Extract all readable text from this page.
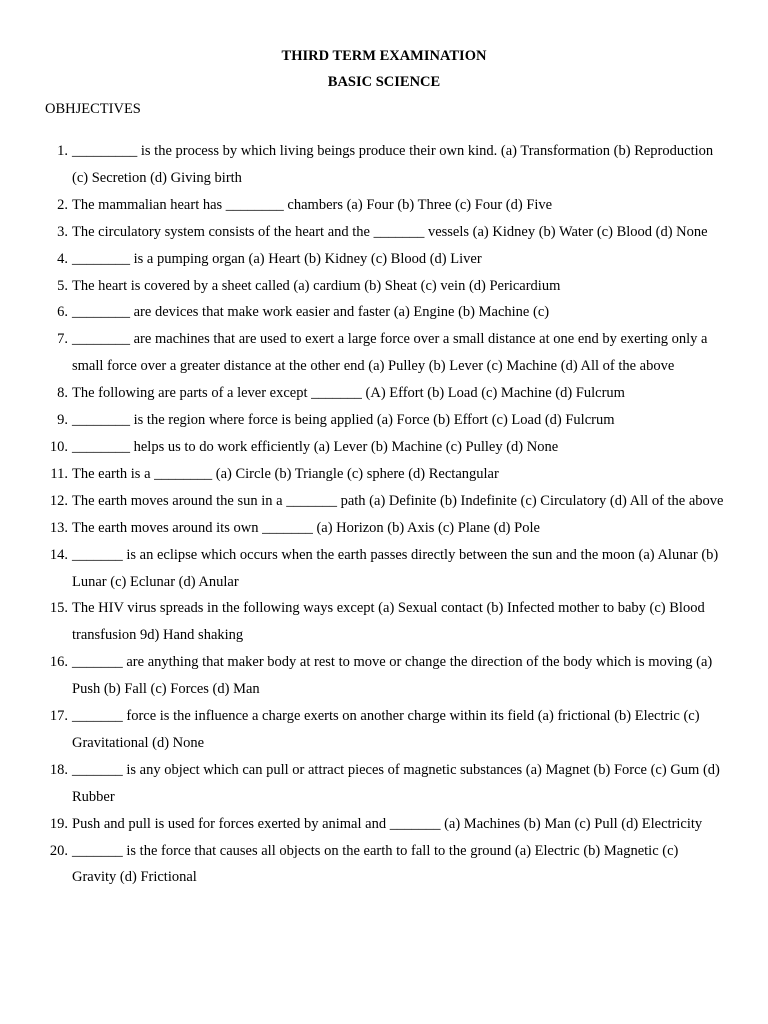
THIRD TERM EXAMINATION

BASIC SCIENCE

OBHJECTIVES

1. _________ is the process by which living beings produce their own kind. (a) Transformation (b) Reproduction (c) Secretion (d) Giving birth
2. The mammalian heart has ________ chambers (a) Four (b) Three (c) Four (d) Five
3. The circulatory system consists of the heart and the _______ vessels (a) Kidney (b) Water (c) Blood (d) None
4. ________ is a pumping organ (a) Heart (b) Kidney (c) Blood (d) Liver
5. The heart is covered by a sheet called (a) cardium (b) Sheat (c) vein (d) Pericardium
6. ________ are devices that make work easier and faster (a) Engine (b) Machine (c)
7. ________ are machines that are used to exert a large force over a small distance at one end by exerting only a small force over a greater distance at the other end (a) Pulley (b) Lever (c) Machine (d) All of the above
8. The following are parts of a lever except _______ (A) Effort (b) Load (c) Machine (d) Fulcrum
9. ________ is the region where force is being applied (a) Force (b) Effort (c) Load (d) Fulcrum
10. ________ helps us to do work efficiently (a) Lever (b) Machine (c) Pulley (d) None
11. The earth is a ________ (a) Circle (b) Triangle (c) sphere (d) Rectangular
12. The earth moves around the sun in a _______ path (a) Definite (b) Indefinite (c) Circulatory (d) All of the above
13. The earth moves around its own _______ (a) Horizon (b) Axis (c) Plane (d) Pole
14. _______ is an eclipse which occurs when the earth passes directly between the sun and the moon (a) Alunar (b) Lunar (c) Eclunar (d) Anular
15. The HIV virus spreads in the following ways except (a) Sexual contact (b) Infected mother to baby (c) Blood transfusion 9d) Hand shaking
16. _______ are anything that maker body at rest to move or change the direction of the body which is moving (a) Push (b) Fall (c) Forces (d) Man
17. _______ force is the influence a charge exerts on another charge within its field (a) frictional (b) Electric (c) Gravitational (d) None
18. _______ is any object which can pull or attract pieces of magnetic substances (a) Magnet (b) Force (c) Gum (d) Rubber
19. Push and pull is used for forces exerted by animal and _______ (a) Machines (b) Man (c) Pull (d) Electricity
20. _______ is the force that causes all objects on the earth to fall to the ground (a) Electric (b) Magnetic (c) Gravity (d) Frictional
